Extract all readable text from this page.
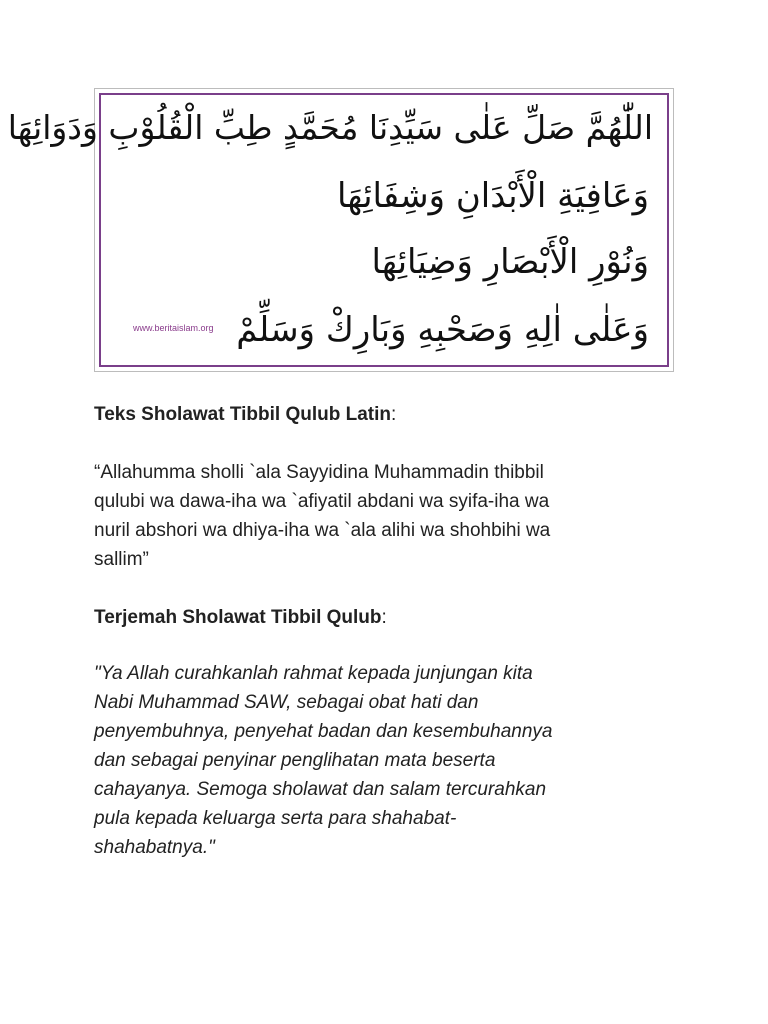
اللّٰهُمَّ صَلِّ عَلٰى سَيِّدِنَا مُحَمَّدٍ طِبِّ الْقُلُوْبِ وَدَوَائِهَا
وَعَافِيَةِ الْأَبْدَانِ وَشِفَائِهَا
وَنُوْرِ الْأَبْصَارِ وَضِيَائِهَا
وَعَلٰى اٰلِهِ وَصَحْبِهِ وَبَارِكْ وَسَلِّمْ
www.beritaislam.org
Teks Sholawat Tibbil Qulub Latin:

“Allahumma sholli `ala Sayyidina Muhammadin thibbil
qulubi wa dawa-iha wa `afiyatil abdani wa syifa-iha wa
nuril abshori wa dhiya-iha wa `ala alihi wa shohbihi wa
sallim”

Terjemah Sholawat Tibbil Qulub:

"Ya Allah curahkanlah rahmat kepada junjungan kita
Nabi Muhammad SAW, sebagai obat hati dan
penyembuhnya, penyehat badan dan kesembuhannya
dan sebagai penyinar penglihatan mata beserta
cahayanya. Semoga sholawat dan salam tercurahkan
pula kepada keluarga serta para shahabat-
shahabatnya."
